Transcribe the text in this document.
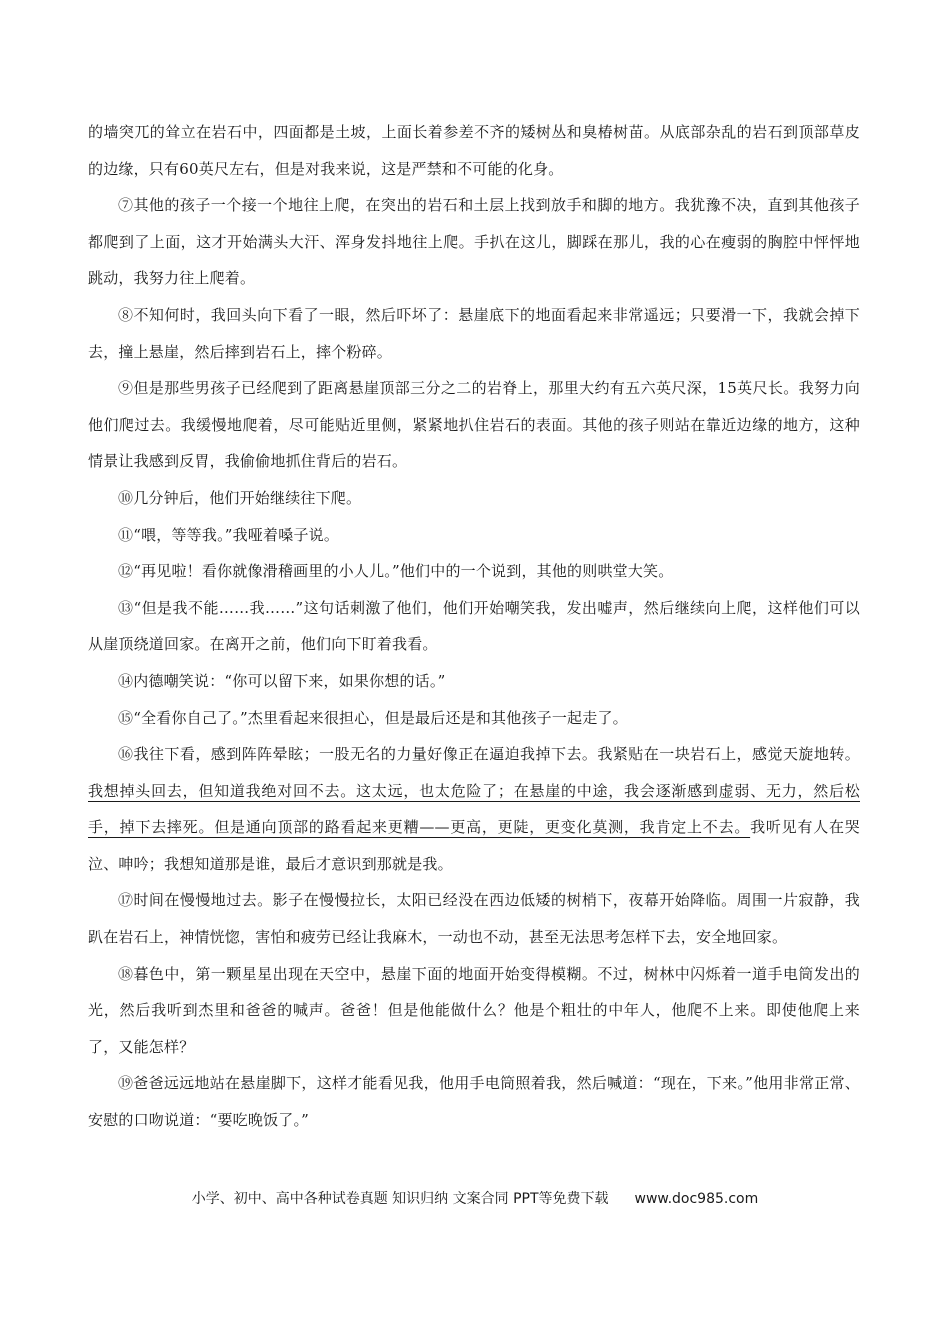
的墙突兀的耸立在岩石中，四面都是土坡，上面长着参差不齐的矮树丛和臭椿树苗。从底部杂乱的岩石到顶部草皮的边缘，只有60英尺左右，但是对我来说，这是严禁和不可能的化身。

⑦其他的孩子一个接一个地往上爬，在突出的岩石和土层上找到放手和脚的地方。我犹豫不决，直到其他孩子都爬到了上面，这才开始满头大汗、浑身发抖地往上爬。手扒在这儿，脚踩在那儿，我的心在瘦弱的胸腔中怦怦地跳动，我努力往上爬着。

⑧不知何时，我回头向下看了一眼，然后吓坏了：悬崖底下的地面看起来非常遥远；只要滑一下，我就会掉下去，撞上悬崖，然后摔到岩石上，摔个粉碎。

⑨但是那些男孩子已经爬到了距离悬崖顶部三分之二的岩脊上，那里大约有五六英尺深，15英尺长。我努力向他们爬过去。我缓慢地爬着，尽可能贴近里侧，紧紧地扒住岩石的表面。其他的孩子则站在靠近边缘的地方，这种情景让我感到反胃，我偷偷地抓住背后的岩石。

⑩几分钟后，他们开始继续往下爬。

⑪“喂，等等我。”我哑着嗓子说。

⑫“再见啦！看你就像滑稽画里的小人儿。”他们中的一个说到，其他的则哄堂大笑。

⑬“但是我不能……我……”这句话刺激了他们，他们开始嘲笑我，发出嘘声，然后继续向上爬，这样他们可以从崖顶绕道回家。在离开之前，他们向下盯着我看。

⑭内德嘲笑说：“你可以留下来，如果你想的话。”

⑮“全看你自己了。”杰里看起来很担心，但是最后还是和其他孩子一起走了。

⑯我往下看，感到阵阵晕眩；一股无名的力量好像正在逼迫我掉下去。我紧贴在一块岩石上，感觉天旋地转。我想掉头回去，但知道我绝对回不去。这太远，也太危险了；在悬崖的中途，我会逐渐感到虚弱、无力，然后松手，掉下去摔死。但是通向顶部的路看起来更糟——更高，更陡，更变化莫测，我肯定上不去。我听见有人在哭泣、呻吟；我想知道那是谁，最后才意识到那就是我。

⑰时间在慢慢地过去。影子在慢慢拉长，太阳已经没在西边低矮的树梢下，夜幕开始降临。周围一片寂静，我趴在岩石上，神情恍惚，害怕和疲劳已经让我麻木，一动也不动，甚至无法思考怎样下去，安全地回家。

⑱暮色中，第一颗星星出现在天空中，悬崖下面的地面开始变得模糊。不过，树林中闪烁着一道手电筒发出的光，然后我听到杰里和爸爸的喊声。爸爸！但是他能做什么？他是个粗壮的中年人，他爬不上来。即使他爬上来了，又能怎样？

⑲爸爸远远地站在悬崖脚下，这样才能看见我，他用手电筒照着我，然后喊道：“现在，下来。”他用非常正常、安慰的口吻说道：“要吃晚饭了。”

小学、初中、高中各种试卷真题 知识归纳 文案合同 PPT等免费下载 www.doc985.com
